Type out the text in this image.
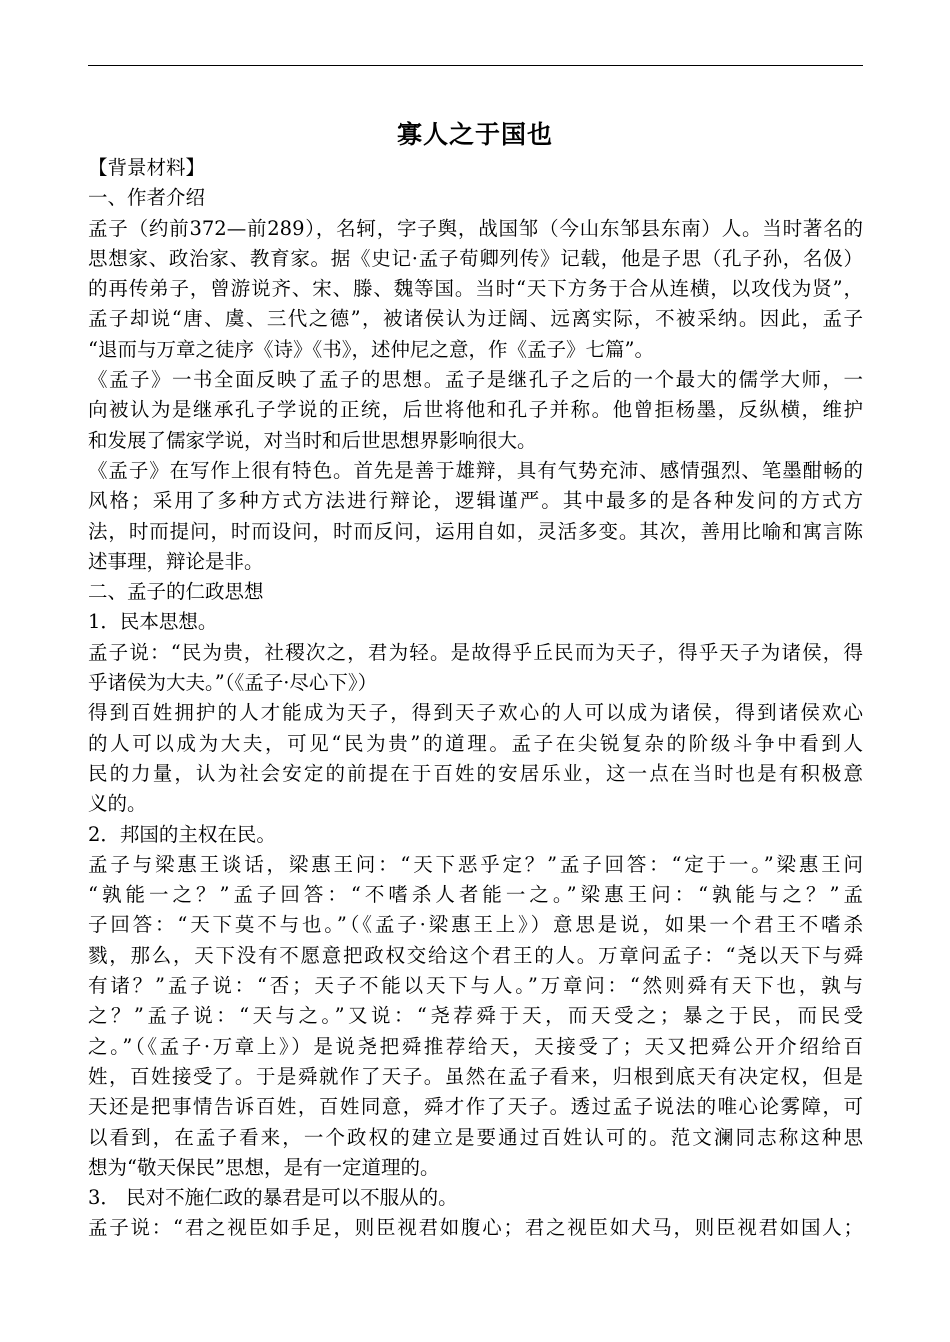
寡人之于国也
【背景材料】
一、作者介绍
孟子（约前372—前289），名轲，字子舆，战国邹（今山东邹县东南）人。当时著名的
思想家、政治家、教育家。据《史记·孟子荀卿列传》记载，他是子思（孔子孙，名伋）
的再传弟子，曾游说齐、宋、滕、魏等国。当时“天下方务于合从连横，以攻伐为贤”，
孟子却说“唐、虞、三代之德”，被诸侯认为迂阔、远离实际，不被采纳。因此，孟子
“退而与万章之徒序《诗》《书》，述仲尼之意，作《孟子》七篇”。
《孟子》一书全面反映了孟子的思想。孟子是继孔子之后的一个最大的儒学大师，一
向被认为是继承孔子学说的正统，后世将他和孔子并称。他曾拒杨墨，反纵横，维护
和发展了儒家学说，对当时和后世思想界影响很大。
《孟子》在写作上很有特色。首先是善于雄辩，具有气势充沛、感情强烈、笔墨酣畅的
风格；采用了多种方式方法进行辩论，逻辑谨严。其中最多的是各种发问的方式方
法，时而提问，时而设问，时而反问，运用自如，灵活多变。其次，善用比喻和寓言陈
述事理，辩论是非。
二、孟子的仁政思想
1．民本思想。
孟子说：“民为贵，社稷次之，君为轻。是故得乎丘民而为天子，得乎天子为诸侯，得
乎诸侯为大夫。”（《孟子·尽心下》）
得到百姓拥护的人才能成为天子，得到天子欢心的人可以成为诸侯，得到诸侯欢心
的人可以成为大夫，可见“民为贵”的道理。孟子在尖锐复杂的阶级斗争中看到人
民的力量，认为社会安定的前提在于百姓的安居乐业，这一点在当时也是有积极意
义的。
2．邦国的主权在民。
孟子与梁惠王谈话，梁惠王问：“天下恶乎定？”孟子回答：“定于一。”梁惠王问
“孰能一之？”孟子回答：“不嗜杀人者能一之。”梁惠王问：“孰能与之？”孟
子回答：“天下莫不与也。”（《孟子·梁惠王上》）意思是说，如果一个君王不嗜杀
戮，那么，天下没有不愿意把政权交给这个君王的人。万章问孟子：“尧以天下与舜
有诸？”孟子说：“否；天子不能以天下与人。”万章问：“然则舜有天下也，孰与
之？”孟子说：“天与之。”又说：“尧荐舜于天，而天受之；暴之于民，而民受
之。”（《孟子·万章上》）是说尧把舜推荐给天，天接受了；天又把舜公开介绍给百
姓，百姓接受了。于是舜就作了天子。虽然在孟子看来，归根到底天有决定权，但是
天还是把事情告诉百姓，百姓同意，舜才作了天子。透过孟子说法的唯心论雾障，可
以看到，在孟子看来，一个政权的建立是要通过百姓认可的。范文澜同志称这种思
想为“敬天保民”思想，是有一定道理的。
3． 民对不施仁政的暴君是可以不服从的。
孟子说：“君之视臣如手足，则臣视君如腹心；君之视臣如犬马，则臣视君如国人；
